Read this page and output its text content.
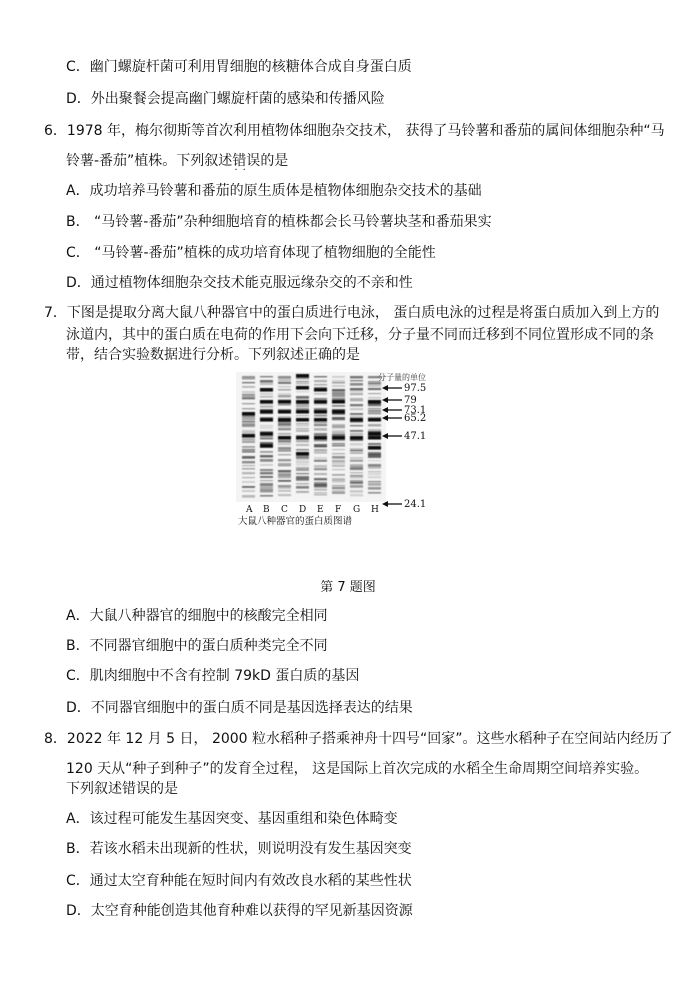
C．幽门螺旋杆菌可利用胃细胞的核糖体合成自身蛋白质
D．外出聚餐会提高幽门螺旋杆菌的感染和传播风险
6．1978 年，梅尔彻斯等首次利用植物体细胞杂交技术， 获得了马铃薯和番茄的属间体细胞杂种“马
铃薯-番茄”植株。下列叙述错误 · ·的是
A．成功培养马铃薯和番茄的原生质体是植物体细胞杂交技术的基础
B． “马铃薯-番茄”杂种细胞培育的植株都会长马铃薯块茎和番茄果实
C． “马铃薯-番茄”植株的成功培育体现了植物细胞的全能性
D．通过植物体细胞杂交技术能克服远缘杂交的不亲和性
7．下图是提取分离大鼠八种器官中的蛋白质进行电泳， 蛋白质电泳的过程是将蛋白质加入到上方的
泳道内，其中的蛋白质在电荷的作用下会向下迁移，分子量不同而迁移到不同位置形成不同的条
带，结合实验数据进行分析。下列叙述正确的是
分子量的单位
97.5
79
73.1
65.2
47.1
24.1
A B C D E F G H
大鼠八种器官的蛋白质图谱
第 7 题图
A．大鼠八种器官的细胞中的核酸完全相同
B．不同器官细胞中的蛋白质种类完全不同
C．肌肉细胞中不含有控制 79kD 蛋白质的基因
D．不同器官细胞中的蛋白质不同是基因选择表达的结果
8．2022 年 12 月 5 日， 2000 粒水稻种子搭乘神舟十四号“回家”。这些水稻种子在空间站内经历了
120 天从“种子到种子”的发育全过程， 这是国际上首次完成的水稻全生命周期空间培养实验。
下列叙述错误的是
A．该过程可能发生基因突变、基因重组和染色体畸变
B．若该水稻未出现新的性状，则说明没有发生基因突变
C．通过太空育种能在短时间内有效改良水稻的某些性状
D．太空育种能创造其他育种难以获得的罕见新基因资源
